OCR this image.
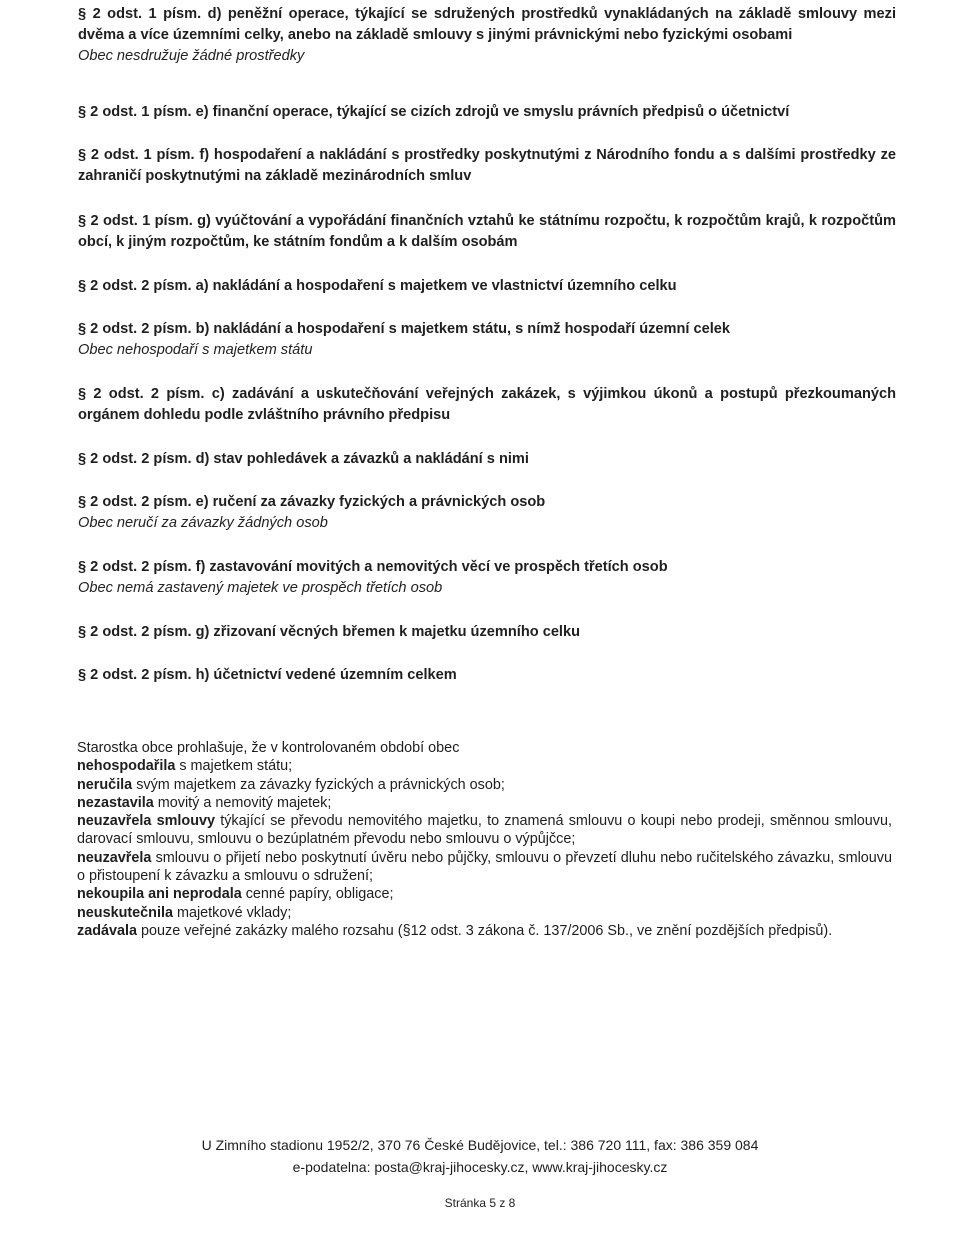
§ 2 odst. 1 písm. d) peněžní operace, týkající se sdružených prostředků vynakládaných na základě smlouvy mezi dvěma a více územními celky, anebo na základě smlouvy s jinými právnickými nebo fyzickými osobami

Obec nesdružuje žádné prostředky

§ 2 odst. 1 písm. e) finanční operace, týkající se cizích zdrojů ve smyslu právních předpisů o účetnictví

§ 2 odst. 1 písm. f) hospodaření a nakládání s prostředky poskytnutými z Národního fondu a s dalšími prostředky ze zahraničí poskytnutými na základě mezinárodních smluv

§ 2 odst. 1 písm. g) vyúčtování a vypořádání finančních vztahů ke státnímu rozpočtu, k rozpočtům krajů, k rozpočtům obcí, k jiným rozpočtům, ke státním fondům a k dalším osobám

§ 2 odst. 2 písm. a) nakládání a hospodaření s majetkem ve vlastnictví územního celku

§ 2 odst. 2 písm. b) nakládání a hospodaření s majetkem státu, s nímž hospodaří územní celek

Obec nehospodaří s majetkem státu

§ 2 odst. 2 písm. c) zadávání a uskutečňování veřejných zakázek, s výjimkou úkonů a postupů přezkoumaných orgánem dohledu podle zvláštního právního předpisu

§ 2 odst. 2 písm. d) stav pohledávek a závazků a nakládání s nimi

§ 2 odst. 2 písm. e) ručení za závazky fyzických a právnických osob

Obec neručí za závazky žádných osob

§ 2 odst. 2 písm. f) zastavování movitých a nemovitých věcí ve prospěch třetích osob

Obec nemá zastavený majetek ve prospěch třetích osob

§ 2 odst. 2 písm. g) zřizovaní věcných břemen k majetku územního celku

§ 2 odst. 2 písm. h) účetnictví vedené územním celkem

Starostka obce prohlašuje, že v kontrolovaném období obec

nehospodařila s majetkem státu;

neručila svým majetkem za závazky fyzických a právnických osob;

nezastavila movitý a nemovitý majetek;

neuzavřela smlouvy týkající se převodu nemovitého majetku, to znamená smlouvu o koupi nebo prodeji, směnnou smlouvu, darovací smlouvu, smlouvu o bezúplatném převodu nebo smlouvu o výpůjčce;

neuzavřela smlouvu o přijetí nebo poskytnutí úvěru nebo půjčky, smlouvu o převzetí dluhu nebo ručitelského závazku, smlouvu o přistoupení k závazku a smlouvu o sdružení;

nekoupila ani neprodala cenné papíry, obligace;

neuskutečnila majetkové vklady;

zadávala pouze veřejné zakázky malého rozsahu (§12 odst. 3 zákona č. 137/2006 Sb., ve znění pozdějších předpisů).

U Zimního stadionu 1952/2, 370 76 České Budějovice, tel.: 386 720 111, fax: 386 359 084
e-podatelna: posta@kraj-jihocesky.cz, www.kraj-jihocesky.cz
Stránka 5 z 8
